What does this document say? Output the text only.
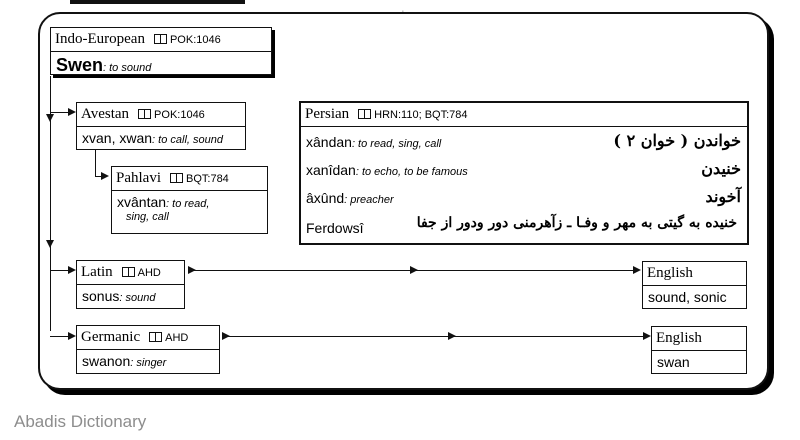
Indo-European POK:1046
Swen: to sound
Avestan POK:1046
xvan, xwan: to call, sound
Pahlavi BQT:784
xvântan: to read,
sing, call
Persian HRN:110; BQT:784
xândan: to read, sing, call	خواندن ( خوان ۲ )
xanîdan: to echo, to be famous	خنیدن
âxûnd: preacher	آخوند
Ferdowsî	خنیده به گیتی به مهر و وفـا ـ زآهرمنی دور ودور از جفا
Latin AHD
sonus: sound
English
sound, sonic
Germanic AHD
swanon: singer
English
swan
Abadis Dictionary
